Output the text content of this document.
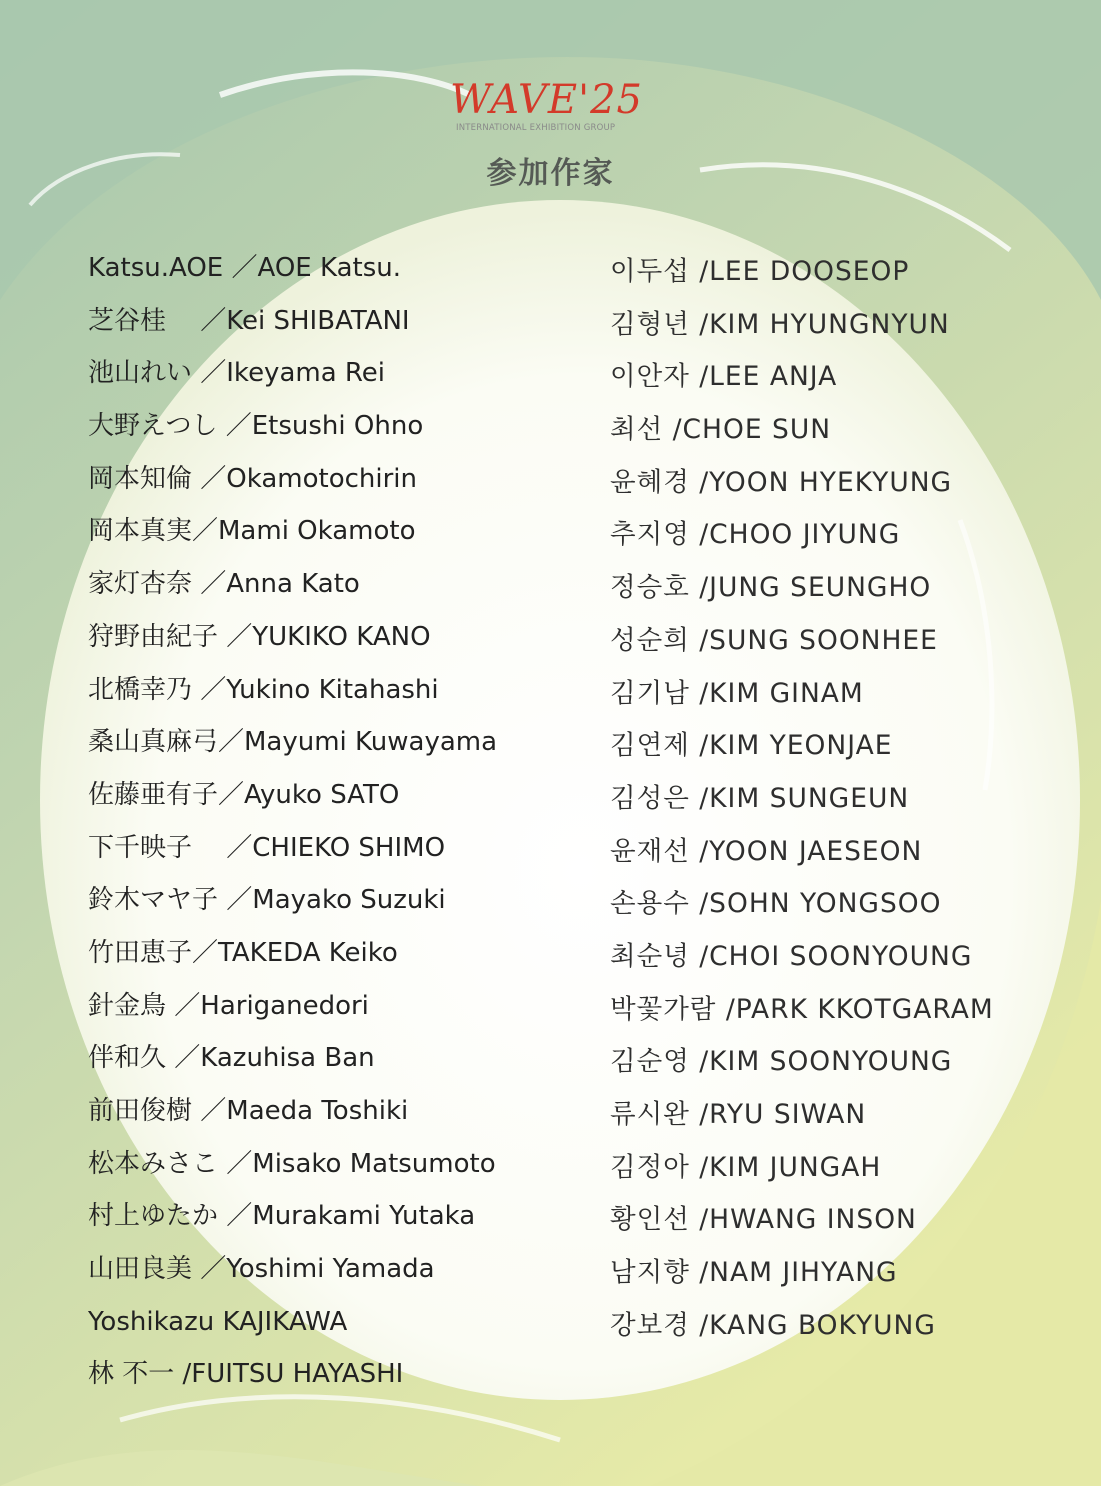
WAVE'25
INTERNATIONAL EXHIBITION GROUP
参加作家
Katsu.AOE ／AOE Katsu.
芝谷桂 　／Kei SHIBATANI
池山れい ／Ikeyama Rei
大野えつし ／Etsushi Ohno
岡本知倫 ／Okamotochirin
岡本真実／Mami Okamoto
家灯杏奈 ／Anna Kato
狩野由紀子 ／YUKIKO KANO
北橋幸乃 ／Yukino Kitahashi
桑山真麻弓／Mayumi Kuwayama
佐藤亜有子／Ayuko SATO
下千映子 　／CHIEKO SHIMO
鈴木マヤ子 ／Mayako Suzuki
竹田恵子／TAKEDA Keiko
針金鳥 ／Hariganedori
伴和久 ／Kazuhisa Ban
前田俊樹 ／Maeda Toshiki
松本みさこ ／Misako Matsumoto
村上ゆたか ／Murakami Yutaka
山田良美 ／Yoshimi Yamada
Yoshikazu KAJIKAWA
林 不一 /FUITSU HAYASHI
이두섭 /LEE DOOSEOP
김형년 /KIM HYUNGNYUN
이안자 /LEE ANJA
최선 /CHOE SUN
윤혜경 /YOON HYEKYUNG
추지영 /CHOO JIYUNG
정승호 /JUNG SEUNGHO
성순희 /SUNG SOONHEE
김기남 /KIM GINAM
김연제 /KIM YEONJAE
김성은 /KIM SUNGEUN
윤재선 /YOON JAESEON
손용수 /SOHN YONGSOO
최순녕 /CHOI SOONYOUNG
박꽃가람 /PARK KKOTGARAM
김순영 /KIM SOONYOUNG
류시완 /RYU SIWAN
김정아 /KIM JUNGAH
황인선 /HWANG INSON
남지향 /NAM JIHYANG
강보경 /KANG BOKYUNG
